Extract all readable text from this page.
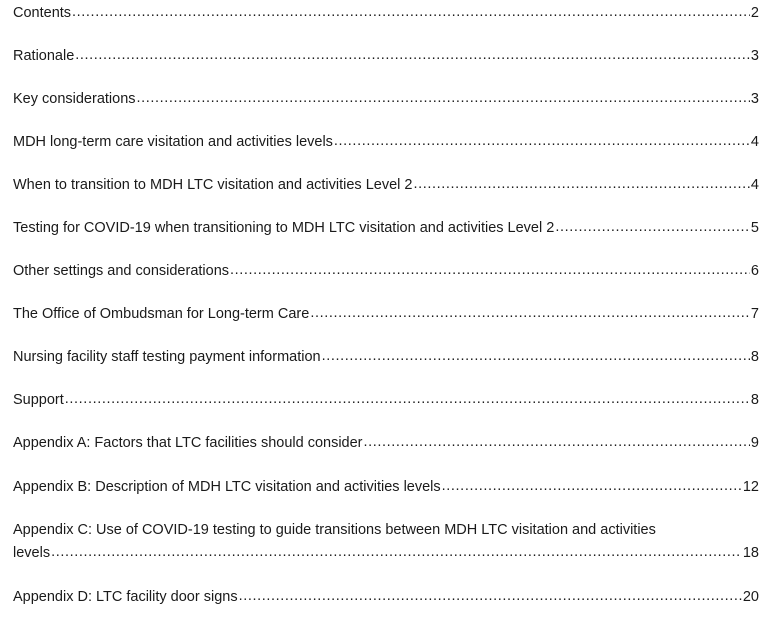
Contents .....	2
Rationale .....	3
Key considerations .....	3
MDH long-term care visitation and activities levels .....	4
When to transition to MDH LTC visitation and activities Level 2 .....	4
Testing for COVID-19 when transitioning to MDH LTC visitation and activities Level 2 .....	5
Other settings and considerations .....	6
The Office of Ombudsman for Long-term Care .....	7
Nursing facility staff testing payment information .....	8
Support .....	8
Appendix A: Factors that LTC facilities should consider .....	9
Appendix B: Description of MDH LTC visitation and activities levels .....	12
Appendix C: Use of COVID-19 testing to guide transitions between MDH LTC visitation and activities
levels .....	18
Appendix D: LTC facility door signs .....	20
